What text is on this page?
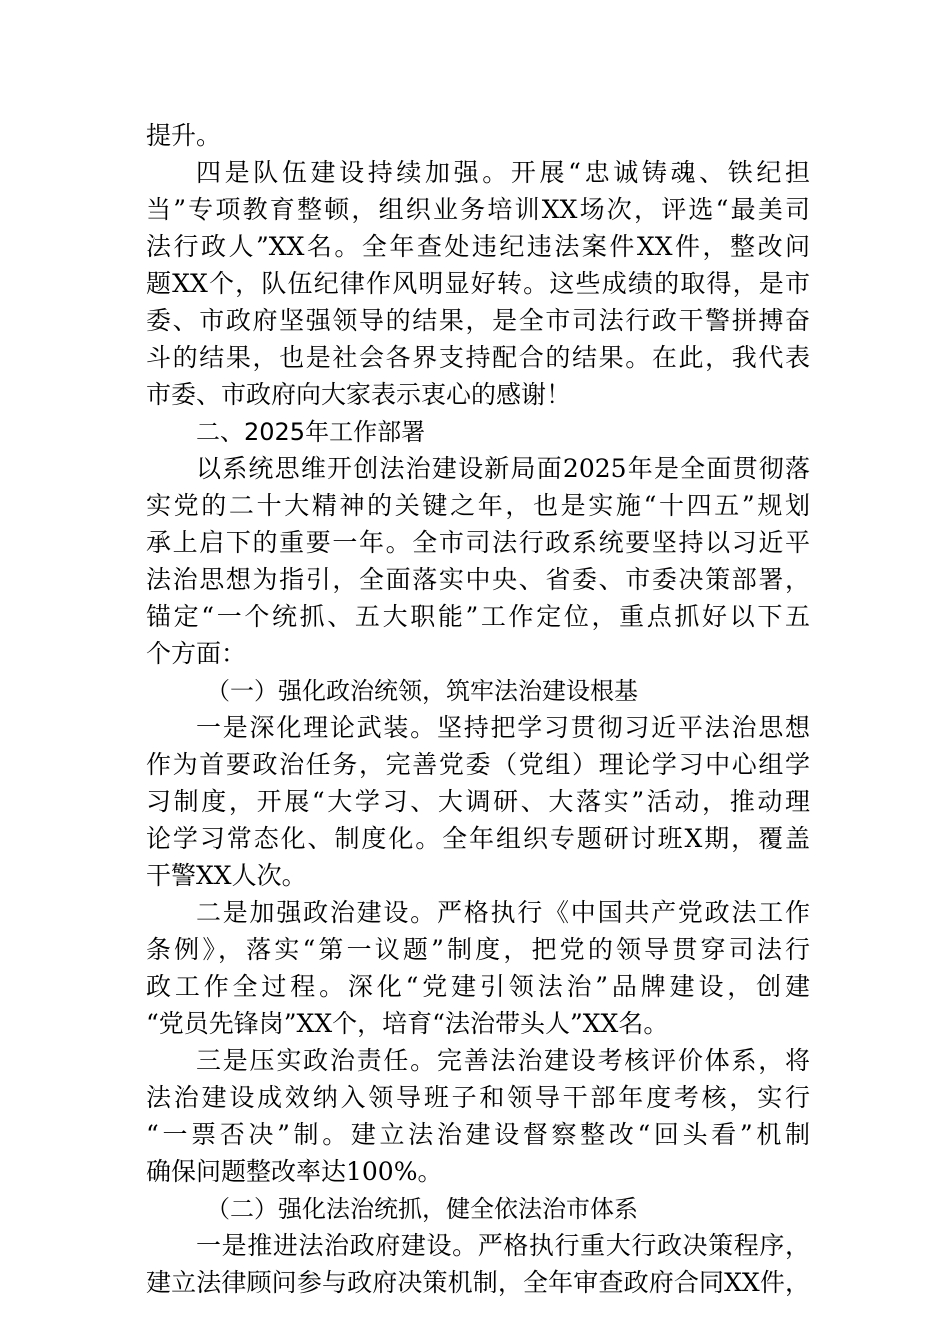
提升。
四是队伍建设持续加强。开展“忠诚铸魂、铁纪担
当”专项教育整顿，组织业务培训XX场次，评选“最美司
法行政人”XX名。全年查处违纪违法案件XX件，整改问
题XX个，队伍纪律作风明显好转。这些成绩的取得，是市
委、市政府坚强领导的结果，是全市司法行政干警拼搏奋
斗的结果，也是社会各界支持配合的结果。在此，我代表
市委、市政府向大家表示衷心的感谢！
二、2025年工作部署
以系统思维开创法治建设新局面2025年是全面贯彻落
实党的二十大精神的关键之年，也是实施“十四五”规划
承上启下的重要一年。全市司法行政系统要坚持以习近平
法治思想为指引，全面落实中央、省委、市委决策部署，
锚定“一个统抓、五大职能”工作定位，重点抓好以下五
个方面：
（一）强化政治统领，筑牢法治建设根基
一是深化理论武装。坚持把学习贯彻习近平法治思想
作为首要政治任务，完善党委（党组）理论学习中心组学
习制度，开展“大学习、大调研、大落实”活动，推动理
论学习常态化、制度化。全年组织专题研讨班X期，覆盖
干警XX人次。
二是加强政治建设。严格执行《中国共产党政法工作
条例》，落实“第一议题”制度，把党的领导贯穿司法行
政工作全过程。深化“党建引领法治”品牌建设，创建
“党员先锋岗”XX个，培育“法治带头人”XX名。
三是压实政治责任。完善法治建设考核评价体系，将
法治建设成效纳入领导班子和领导干部年度考核，实行
“一票否决”制。建立法治建设督察整改“回头看”机制
确保问题整改率达100%。
（二）强化法治统抓，健全依法治市体系
一是推进法治政府建设。严格执行重大行政决策程序，
建立法律顾问参与政府决策机制，全年审查政府合同XX件，
